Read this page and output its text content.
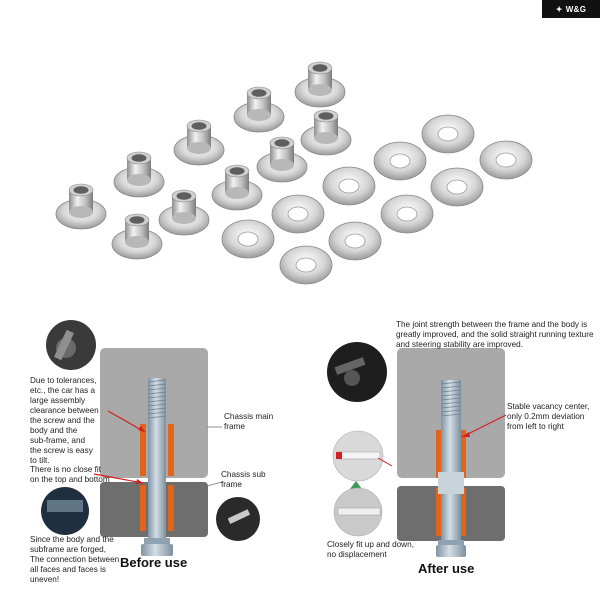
✦ W&G
Due to tolerances,
etc., the car has a
large assembly
clearance between
the screw and the
body and the
sub-frame, and
the screw is easy
to tilt.
There is no close fit
on the top and bottom
Since the body and the
subframe are forged,
The connection between
all faces and faces is
uneven!
Chassis main
frame
Chassis sub
frame
Before use
The joint strength between the frame and the body is
greatly improved, and the solid straight running texture
and steering stability are improved.
Stable vacancy center,
only 0.2mm deviation
from left to right
Closely fit up and down,
no displacement
After use
